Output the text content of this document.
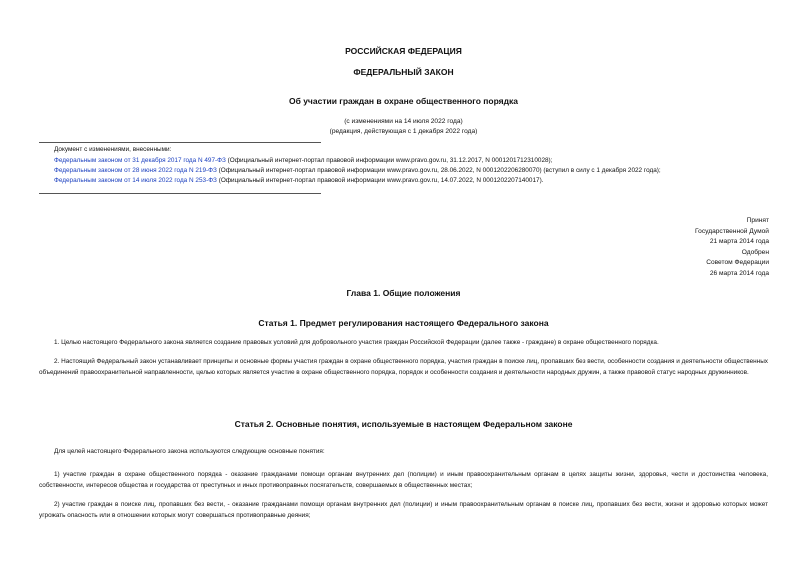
РОССИЙСКАЯ ФЕДЕРАЦИЯ
ФЕДЕРАЛЬНЫЙ ЗАКОН
Об участии граждан в охране общественного порядка
(с изменениями на 14 июля 2022 года)
(редакция, действующая с 1 декабря 2022 года)
Документ с изменениями, внесенными:
Федеральным законом от 31 декабря 2017 года N 497-ФЗ (Официальный интернет-портал правовой информации www.pravo.gov.ru, 31.12.2017, N 0001201712310028);
Федеральным законом от 28 июня 2022 года N 219-ФЗ (Официальный интернет-портал правовой информации www.pravo.gov.ru, 28.06.2022, N 0001202206280070) (вступил в силу с 1 декабря 2022 года);
Федеральным законом от 14 июля 2022 года N 253-ФЗ (Официальный интернет-портал правовой информации www.pravo.gov.ru, 14.07.2022, N 0001202207140017).
Принят
Государственной Думой
21 марта 2014 года
Одобрен
Советом Федерации
26 марта 2014 года
Глава 1. Общие положения
Статья 1. Предмет регулирования настоящего Федерального закона
1. Целью настоящего Федерального закона является создание правовых условий для добровольного участия граждан Российской Федерации (далее также - граждане) в охране общественного порядка.
2. Настоящий Федеральный закон устанавливает принципы и основные формы участия граждан в охране общественного порядка, участия граждан в поиске лиц, пропавших без вести, особенности создания и деятельности общественных объединений правоохранительной направленности, целью которых является участие в охране общественного порядка, порядок и особенности создания и деятельности народных дружин, а также правовой статус народных дружинников.
Статья 2. Основные понятия, используемые в настоящем Федеральном законе
Для целей настоящего Федерального закона используются следующие основные понятия:
1) участие граждан в охране общественного порядка - оказание гражданами помощи органам внутренних дел (полиции) и иным правоохранительным органам в целях защиты жизни, здоровья, чести и достоинства человека, собственности, интересов общества и государства от преступных и иных противоправных посягательств, совершаемых в общественных местах;
2) участие граждан в поиске лиц, пропавших без вести, - оказание гражданами помощи органам внутренних дел (полиции) и иным правоохранительным органам в поиске лиц, пропавших без вести, жизни и здоровью которых может угрожать опасность или в отношении которых могут совершаться противоправные деяния;
